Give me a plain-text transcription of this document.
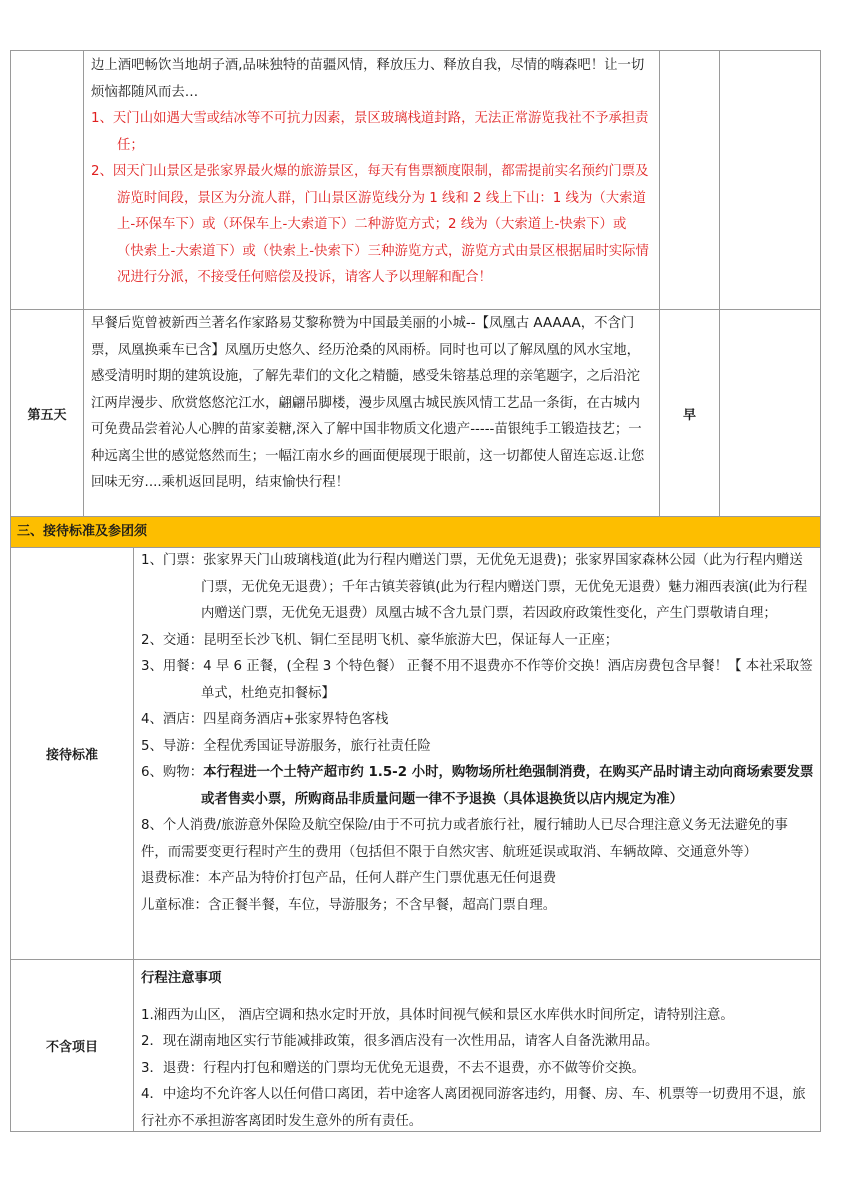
边上酒吧畅饮当地胡子酒,品味独特的苗疆风情，释放压力、释放自我，尽情的嗨森吧！让一切烦恼都随风而去…

1、天门山如遇大雪或结冰等不可抗力因素，景区玻璃栈道封路，无法正常游览我社不予承担责任；

2、因天门山景区是张家界最火爆的旅游景区，每天有售票额度限制，都需提前实名预约门票及游览时间段，景区为分流人群，门山景区游览线分为 1 线和 2 线上下山：1 线为（大索道上-环保车下）或（环保车上-大索道下）二种游览方式；2 线为（大索道上-快索下）或（快索上-大索道下）或（快索上-快索下）三种游览方式，游览方式由景区根据届时实际情况进行分派，不接受任何赔偿及投诉，请客人予以理解和配合！

第五天
早餐后览曾被新西兰著名作家路易艾黎称赞为中国最美丽的小城--【凤凰古 AAAAA，不含门票，凤凰换乘车已含】凤凰历史悠久、经历沧桑的风雨桥。同时也可以了解凤凰的风水宝地，感受清明时期的建筑设施，了解先辈们的文化之精髓，感受朱镕基总理的亲笔题字，之后沿沱江两岸漫步、欣赏悠悠沱江水，翩翩吊脚楼，漫步凤凰古城民族风情工艺品一条街，在古城内可免费品尝着沁人心脾的苗家姜糖,深入了解中国非物质文化遗产-----苗银纯手工锻造技艺；一种远离尘世的感觉悠然而生；一幅江南水乡的画面便展现于眼前，这一切都使人留连忘返.让您回味无穷....乘机返回昆明，结束愉快行程！
早
三、接待标准及参团须
接待标准

1、门票：张家界天门山玻璃栈道(此为行程内赠送门票，无优免无退费)；张家界国家森林公园（此为行程内赠送门票，无优免无退费）；千年古镇芙蓉镇(此为行程内赠送门票，无优免无退费）魅力湘西表演(此为行程内赠送门票，无优免无退费）凤凰古城不含九景门票，若因政府政策性变化，产生门票敬请自理；

2、交通：昆明至长沙飞机、铜仁至昆明飞机、豪华旅游大巴，保证每人一正座；

3、用餐：4 早 6 正餐，(全程 3 个特色餐） 正餐不用不退费亦不作等价交换！酒店房费包含早餐！【 本社采取签单式，杜绝克扣餐标】

4、酒店：四星商务酒店+张家界特色客栈

5、导游：全程优秀国证导游服务，旅行社责任险

6、购物：本行程进一个土特产超市约 1.5-2 小时，购物场所杜绝强制消费，在购买产品时请主动向商场索要发票或者售卖小票，所购商品非质量问题一律不予退换（具体退换货以店内规定为准）

8、个人消费/旅游意外保险及航空保险/由于不可抗力或者旅行社，履行辅助人已尽合理注意义务无法避免的事件，而需要变更行程时产生的费用（包括但不限于自然灾害、航班延误或取消、车辆故障、交通意外等）

退费标准：本产品为特价打包产品，任何人群产生门票优惠无任何退费

儿童标准：含正餐半餐，车位，导游服务；不含早餐，超高门票自理。

不含项目

行程注意事项

1.湘西为山区， 酒店空调和热水定时开放，具体时间视气候和景区水库供水时间所定，请特别注意。

2．现在湖南地区实行节能减排政策，很多酒店没有一次性用品，请客人自备洗漱用品。

3．退费：行程内打包和赠送的门票均无优免无退费，不去不退费，亦不做等价交换。

4．中途均不允许客人以任何借口离团，若中途客人离团视同游客违约，用餐、房、车、机票等一切费用不退，旅行社亦不承担游客离团时发生意外的所有责任。
